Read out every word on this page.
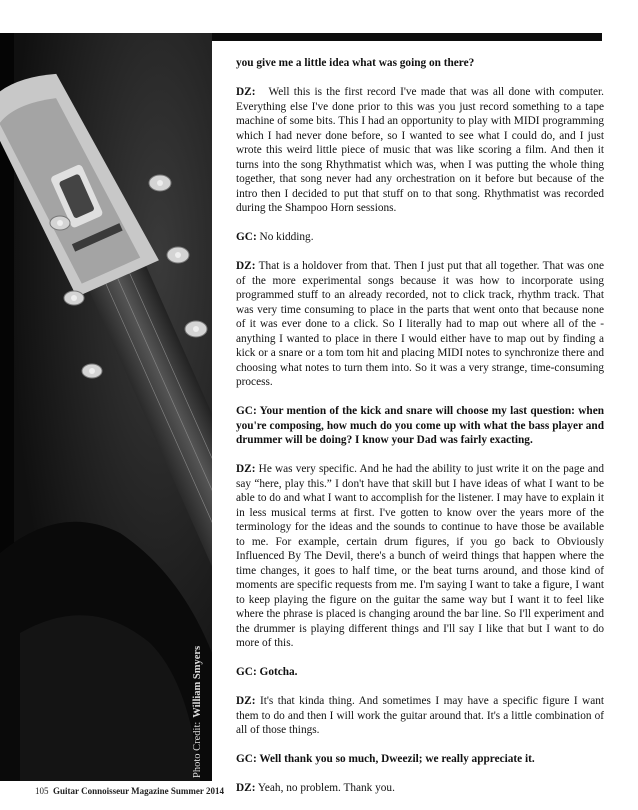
Photo Credit:William Smyers

you give me a little idea what was going on there?

DZ: Well this is the first record I've made that was all done with computer. Everything else I've done prior to this was you just record something to a tape machine of some bits. This I had an opportunity to play with MIDI programming which I had never done before, so I wanted to see what I could do, and I just wrote this weird little piece of music that was like scoring a film. And then it turns into the song Rhythmatist which was, when I was putting the whole thing together, that song never had any orchestration on it before but because of the intro then I decided to put that stuff on to that song. Rhythmatist was recorded during the Shampoo Horn sessions.

GC: No kidding.

DZ: That is a holdover from that. Then I just put that all together. That was one of the more experimental songs because it was how to incorporate using programmed stuff to an already recorded, not to click track, rhythm track. That was very time consuming to place in the parts that went onto that because none of it was ever done to a click. So I literally had to map out where all of the - anything I wanted to place in there I would either have to map out by finding a kick or a snare or a tom tom hit and placing MIDI notes to synchronize there and choosing what notes to turn them into. So it was a very strange, time-consuming process.

GC: Your mention of the kick and snare will choose my last question: when you're composing, how much do you come up with what the bass player and drummer will be doing? I know your Dad was fairly exacting.

DZ: He was very specific. And he had the ability to just write it on the page and say “here, play this.” I don't have that skill but I have ideas of what I want to be able to do and what I want to accomplish for the listener. I may have to explain it in less musical terms at first. I've gotten to know over the years more of the terminology for the ideas and the sounds to continue to have those be available to me. For example, certain drum figures, if you go back to Obviously Influenced By The Devil, there's a bunch of weird things that happen where the time changes, it goes to half time, or the beat turns around, and those kind of moments are specific requests from me. I'm saying I want to take a figure, I want to keep playing the figure on the guitar the same way but I want it to feel like where the phrase is placed is changing around the bar line. So I'll experiment and the drummer is playing different things and I'll say I like that but I want to do more of this.

GC: Gotcha.

DZ: It's that kinda thing. And sometimes I may have a specific figure I want them to do and then I will work the guitar around that. It's a little combination of all of those things.

GC: Well thank you so much, Dweezil; we really appreciate it.

DZ: Yeah, no problem. Thank you.

105 Guitar Connoisseur Magazine Summer 2014
